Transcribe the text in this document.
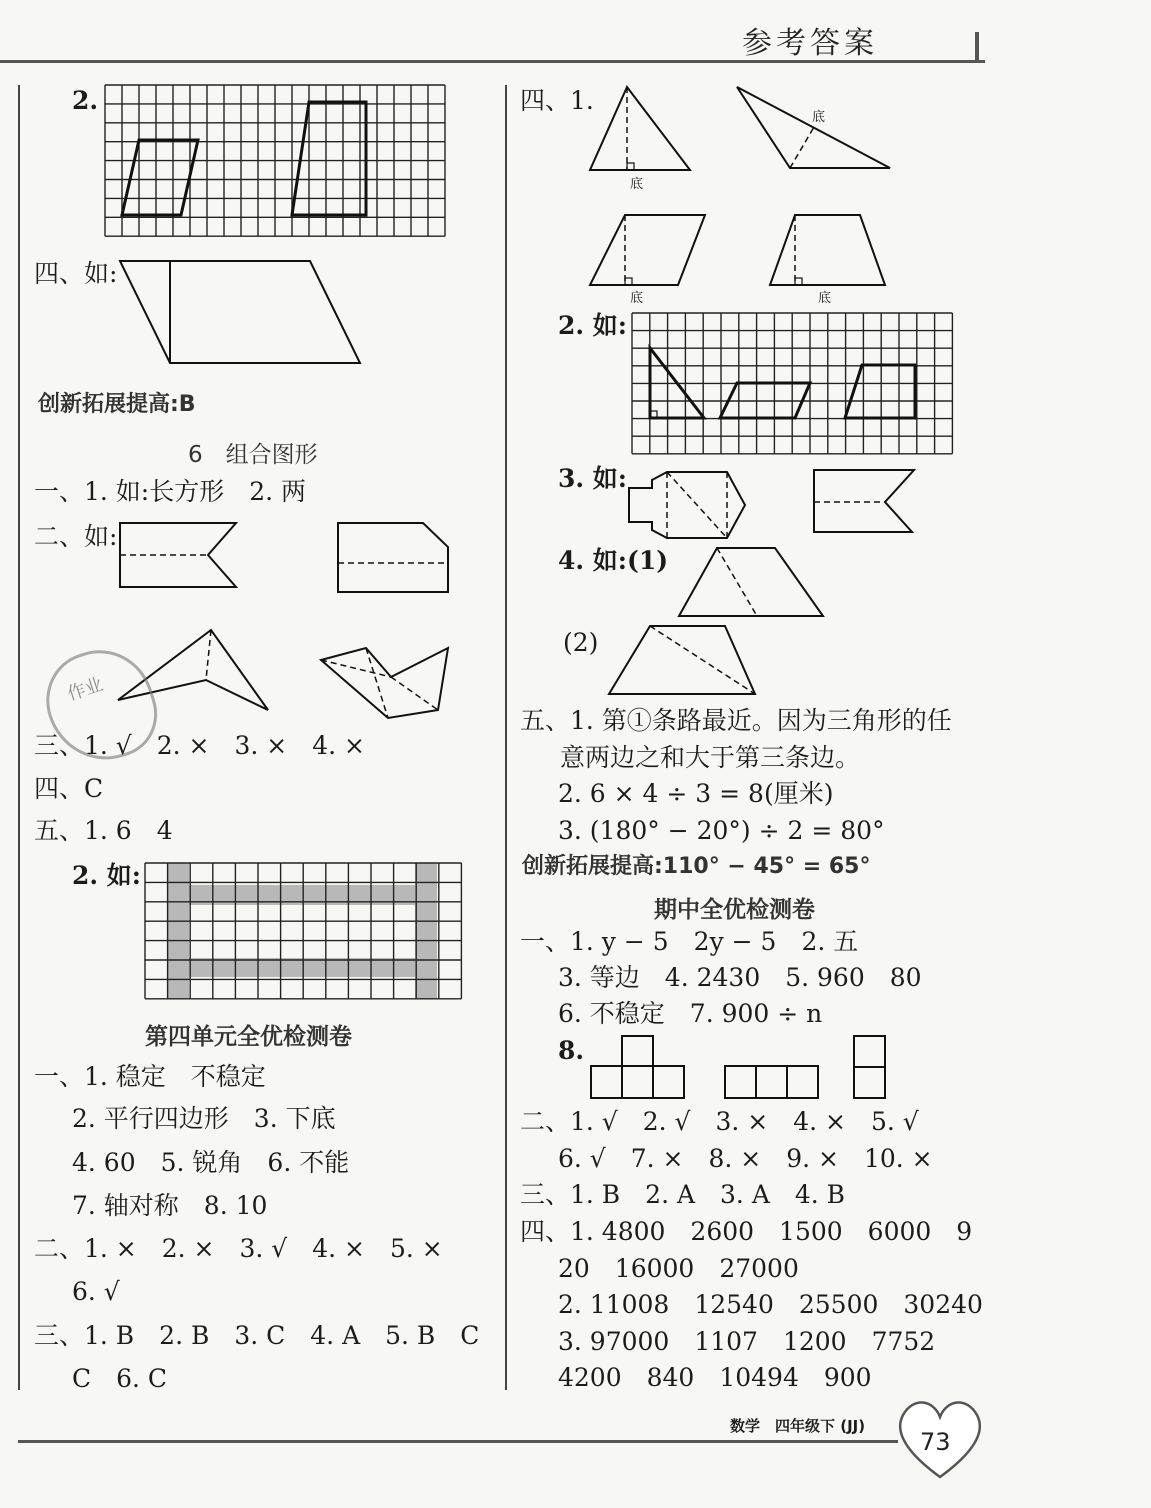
参考答案
2.
四、如:
创新拓展提高:B
6　组合图形
一、1. 如:长方形　2. 两
二、如:
作业
三、1. √　2. ×　3. ×　4. ×
四、C
五、1. 6　4
2. 如:
第四单元全优检测卷
一、1. 稳定　不稳定
2. 平行四边形　3. 下底
4. 60　5. 锐角　6. 不能
7. 轴对称　8. 10
二、1. ×　2. ×　3. √　4. ×　5. ×
6. √
三、1. B　2. B　3. C　4. A　5. B　C
C　6. C
四、1.
底
底
底	底
2. 如:
3. 如:
4. 如:(1)
(2)
五、1. 第①条路最近。因为三角形的任
意两边之和大于第三条边。
2. 6 × 4 ÷ 3 = 8(厘米)
3. (180° − 20°) ÷ 2 = 80°
创新拓展提高:110° − 45° = 65°
期中全优检测卷
一、1. y − 5　2y − 5　2. 五
3. 等边　4. 2430　5. 960　80
6. 不稳定　7. 900 ÷ n
8.
二、1. √　2. √　3. ×　4. ×　5. √
6. √　7. ×　8. ×　9. ×　10. ×
三、1. B　2. A　3. A　4. B
四、1. 4800　2600　1500　6000　9
20　16000　27000
2. 11008　12540　25500　30240
3. 97000　1107　1200　7752
4200　840　10494　900
数学 四年级下 (JJ)
73
